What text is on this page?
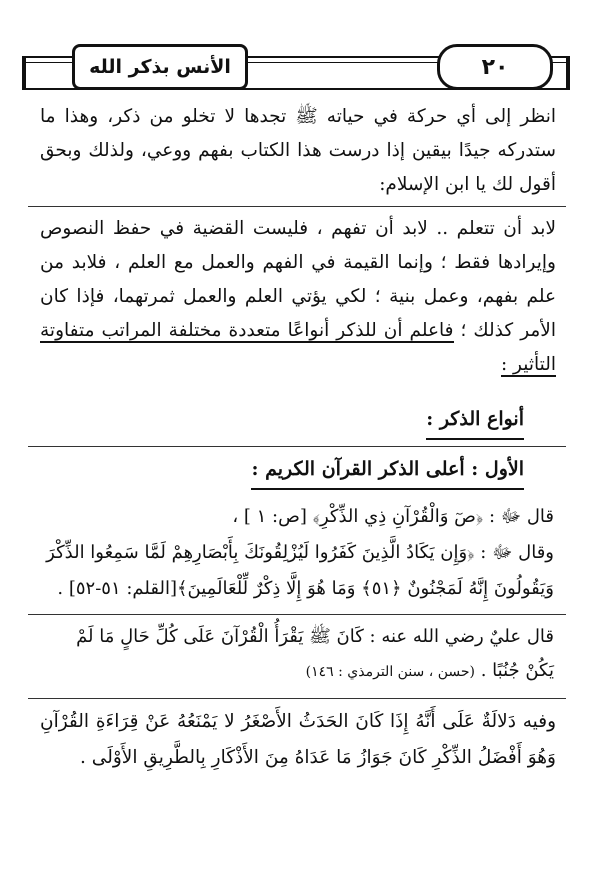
الأنس بذكر الله	٢٠
انظر إلى أي حركة في حياته ﷺ تجدها لا تخلو من ذكر، وهذا ما ستدركه جيدًا بيقين إذا درست هذا الكتاب بفهم ووعي، ولذلك وبحق أقول لك يا ابن الإسلام:
لابد أن تتعلم .. لابد أن تفهم ، فليست القضية في حفظ النصوص وإيرادها فقط ؛ وإنما القيمة في الفهم والعمل مع العلم ، فلابد من علم بفهم، وعمل بنية ؛ لكي يؤتي العلم والعمل ثمرتهما، فإذا كان الأمر كذلك ؛ فاعلم أن للذكر أنواعًا متعددة مختلفة المراتب متفاوتة التأثير :
أنواع الذكر :
الأول : أعلى الذكر القرآن الكريم :
قال ﷻ : ﴿صٓ وَالْقُرْآنِ ذِي الذِّكْرِ﴾ [ص: ١ ] ،
وقال ﷻ : ﴿وَإِن يَكَادُ الَّذِينَ كَفَرُوا لَيُزْلِقُونَكَ بِأَبْصَارِهِمْ لَمَّا سَمِعُوا الذِّكْرَ
وَيَقُولُونَ إِنَّهُ لَمَجْنُونٌ ﴿٥١﴾ وَمَا هُوَ إِلَّا ذِكْرٌ لِّلْعَالَمِينَ﴾[القلم: ٥١-٥٢] .
قال عليٌ رضي الله عنه : كَانَ ﷺ يَقْرَأُ الْقُرْآنَ عَلَى كُلِّ حَالٍ مَا لَمْ
يَكُنْ جُنُبًا . (حسن ، سنن الترمذي : ١٤٦)
وفيه دَلالَةٌ عَلَى أَنَّهُ إِذَا كَانَ الحَدَثُ الأَصْغَرُ لا يَمْنَعُهُ عَنْ قِرَاءَةِ القُرْآنِ وَهُوَ أَفْضَلُ الذِّكْرِ كَانَ جَوَازُ مَا عَدَاهُ مِنَ الأَذْكَارِ بِالطَّرِيقِ الأَوْلَى .
